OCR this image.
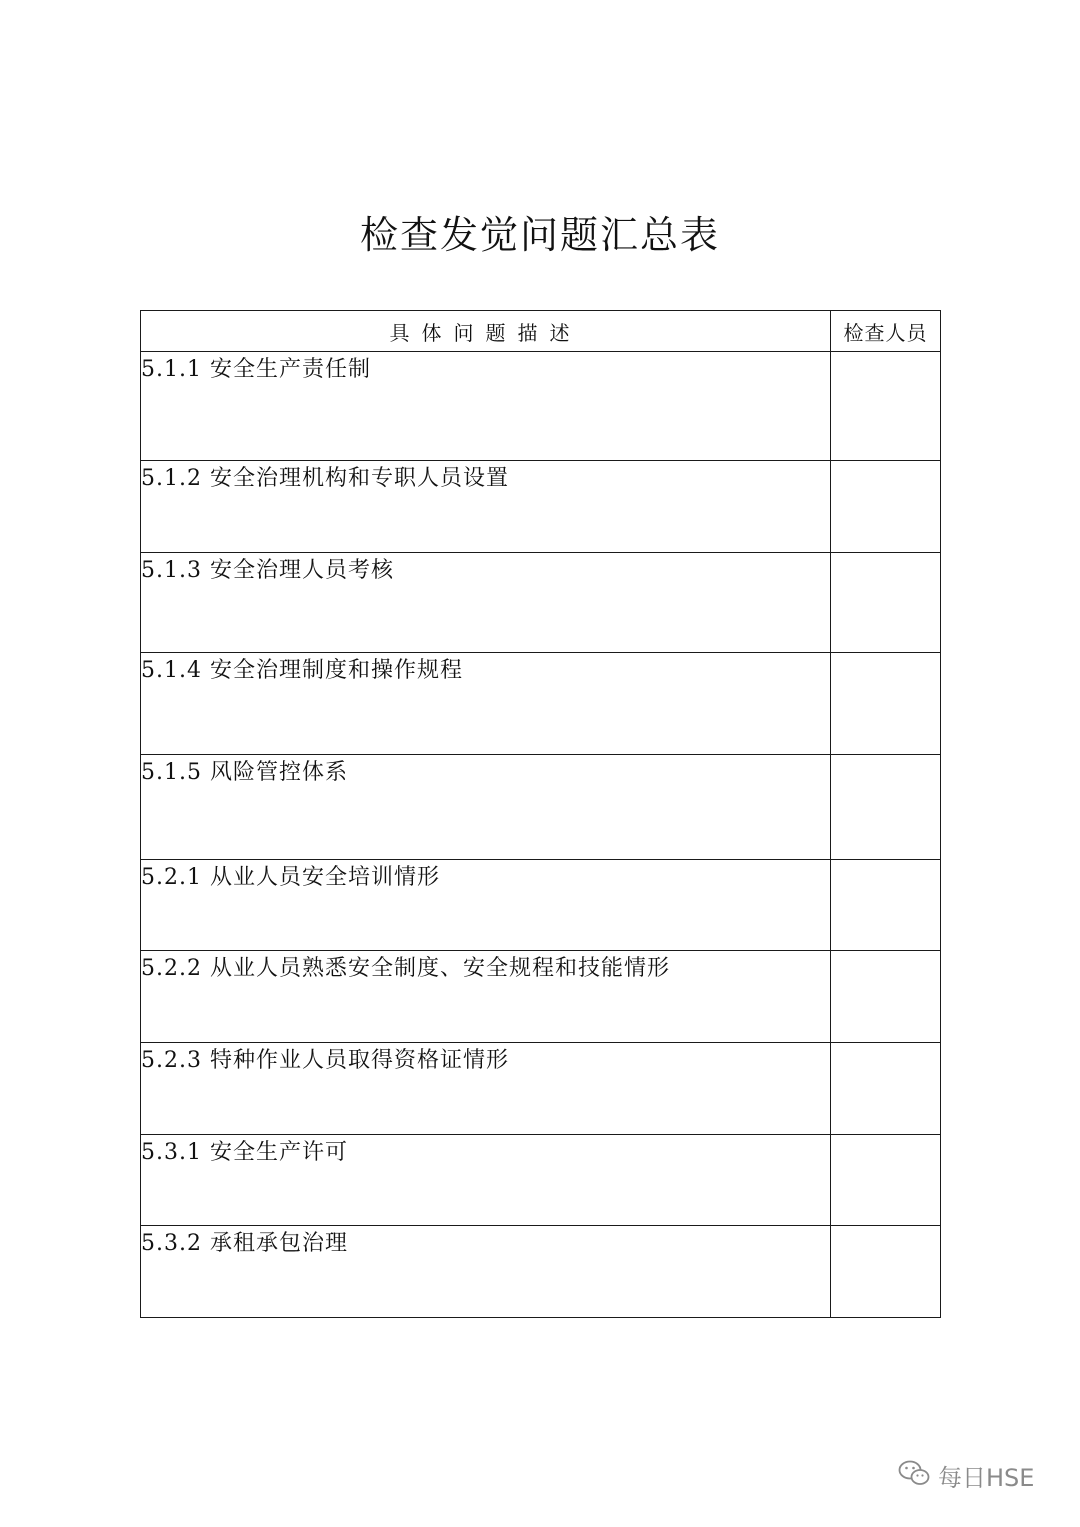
检查发觉问题汇总表
具体问题描述	检查人员
5.1.1 安全生产责任制	
5.1.2 安全治理机构和专职人员设置	
5.1.3 安全治理人员考核	
5.1.4 安全治理制度和操作规程	
5.1.5 风险管控体系	
5.2.1 从业人员安全培训情形	
5.2.2 从业人员熟悉安全制度、安全规程和技能情形	
5.2.3 特种作业人员取得资格证情形	
5.3.1 安全生产许可	
5.3.2 承租承包治理	
每日HSE
